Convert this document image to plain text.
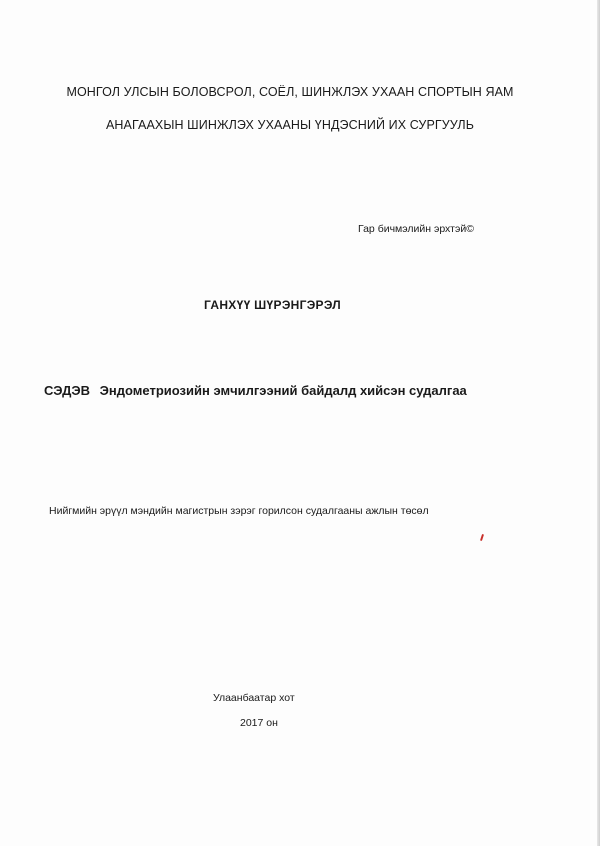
МОНГОЛ УЛСЫН БОЛОВСРОЛ, СОЁЛ, ШИНЖЛЭХ УХААН СПОРТЫН ЯАМ
АНАГААХЫН ШИНЖЛЭХ УХААНЫ ҮНДЭСНИЙ ИХ СУРГУУЛЬ
Гар бичмэлийн эрхтэй©
ГАНХҮҮ ШҮРЭНГЭРЭЛ
СЭДЭВ Эндометриозийн эмчилгээний байдалд хийсэн судалгаа
Нийгмийн эрүүл мэндийн магистрын зэрэг горилсон судалгааны ажлын төсөл
Улаанбаатар хот
2017 он
